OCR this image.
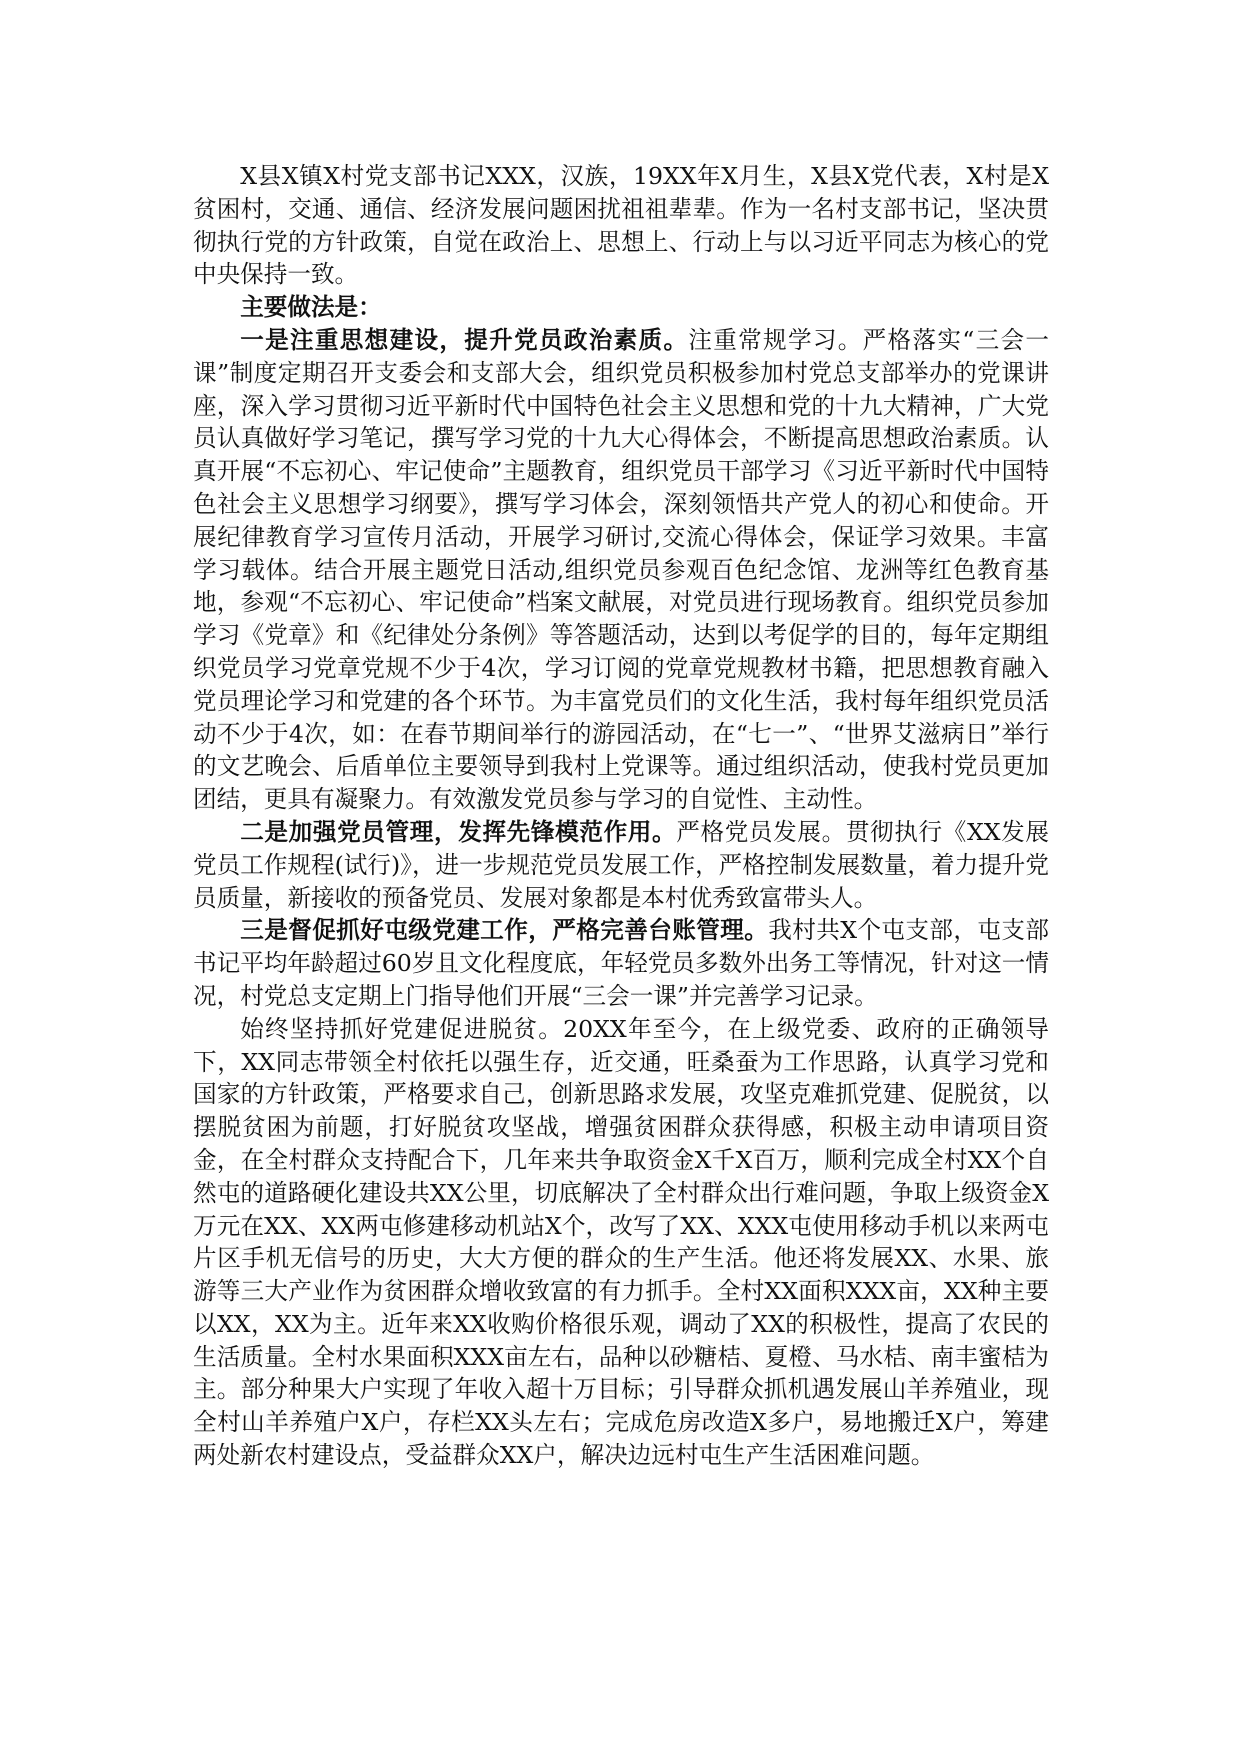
X县X镇X村党支部书记XXX，汉族，19XX年X月生，X县X党代表，X村是X贫困村，交通、通信、经济发展问题困扰祖祖辈辈。作为一名村支部书记，坚决贯彻执行党的方针政策，自觉在政治上、思想上、行动上与以习近平同志为核心的党中央保持一致。

主要做法是：

一是注重思想建设，提升党员政治素质。注重常规学习。严格落实“三会一课”制度定期召开支委会和支部大会，组织党员积极参加村党总支部举办的党课讲座，深入学习贯彻习近平新时代中国特色社会主义思想和党的十九大精神，广大党员认真做好学习笔记，撰写学习党的十九大心得体会，不断提高思想政治素质。认真开展“不忘初心、牢记使命”主题教育，组织党员干部学习《习近平新时代中国特色社会主义思想学习纲要》，撰写学习体会，深刻领悟共产党人的初心和使命。开展纪律教育学习宣传月活动，开展学习研讨,交流心得体会，保证学习效果。丰富学习载体。结合开展主题党日活动,组织党员参观百色纪念馆、龙洲等红色教育基地，参观“不忘初心、牢记使命”档案文献展，对党员进行现场教育。组织党员参加学习《党章》和《纪律处分条例》等答题活动，达到以考促学的目的，每年定期组织党员学习党章党规不少于4次，学习订阅的党章党规教材书籍，把思想教育融入党员理论学习和党建的各个环节。为丰富党员们的文化生活，我村每年组织党员活动不少于4次，如：在春节期间举行的游园活动，在“七一”、“世界艾滋病日”举行的文艺晚会、后盾单位主要领导到我村上党课等。通过组织活动，使我村党员更加团结，更具有凝聚力。有效激发党员参与学习的自觉性、主动性。

二是加强党员管理，发挥先锋模范作用。严格党员发展。贯彻执行《XX发展党员工作规程(试行)》，进一步规范党员发展工作，严格控制发展数量，着力提升党员质量，新接收的预备党员、发展对象都是本村优秀致富带头人。

三是督促抓好屯级党建工作，严格完善台账管理。我村共X个屯支部，屯支部书记平均年龄超过60岁且文化程度底，年轻党员多数外出务工等情况，针对这一情况，村党总支定期上门指导他们开展“三会一课”并完善学习记录。

始终坚持抓好党建促进脱贫。20XX年至今，在上级党委、政府的正确领导下，XX同志带领全村依托以强生存，近交通，旺桑蚕为工作思路，认真学习党和国家的方针政策，严格要求自己，创新思路求发展，攻坚克难抓党建、促脱贫，以摆脱贫困为前题，打好脱贫攻坚战，增强贫困群众获得感，积极主动申请项目资金，在全村群众支持配合下，几年来共争取资金X千X百万，顺利完成全村XX个自然屯的道路硬化建设共XX公里，切底解决了全村群众出行难问题，争取上级资金X万元在XX、XX两屯修建移动机站X个，改写了XX、XXX屯使用移动手机以来两屯片区手机无信号的历史，大大方便的群众的生产生活。他还将发展XX、水果、旅游等三大产业作为贫困群众增收致富的有力抓手。全村XX面积XXX亩，XX种主要以XX，XX为主。近年来XX收购价格很乐观，调动了XX的积极性，提高了农民的生活质量。全村水果面积XXX亩左右，品种以砂糖桔、夏橙、马水桔、南丰蜜桔为主。部分种果大户实现了年收入超十万目标；引导群众抓机遇发展山羊养殖业，现全村山羊养殖户X户，存栏XX头左右；完成危房改造X多户，易地搬迁X户，筹建两处新农村建设点，受益群众XX户，解决边远村屯生产生活困难问题。
